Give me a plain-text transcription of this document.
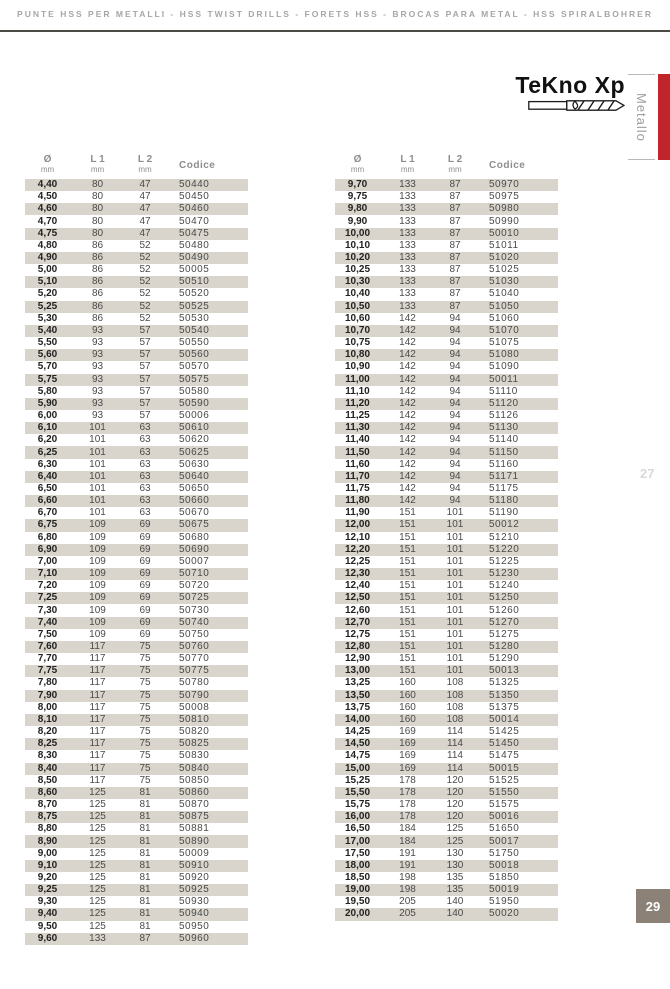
PUNTE HSS PER METALLI - HSS TWIST DRILLS - FORETS HSS - BROCAS PARA METAL - HSS SPIRALBOHRER
TeKno Xp
Metallo
27
29
Ø
mm
L 1
mm
L 2
mm	Codice
4,40	80	47	50440
4,50	80	47	50450
4,60	80	47	50460
4,70	80	47	50470
4,75	80	47	50475
4,80	86	52	50480
4,90	86	52	50490
5,00	86	52	50005
5,10	86	52	50510
5,20	86	52	50520
5,25	86	52	50525
5,30	86	52	50530
5,40	93	57	50540
5,50	93	57	50550
5,60	93	57	50560
5,70	93	57	50570
5,75	93	57	50575
5,80	93	57	50580
5,90	93	57	50590
6,00	93	57	50006
6,10	101	63	50610
6,20	101	63	50620
6,25	101	63	50625
6,30	101	63	50630
6,40	101	63	50640
6,50	101	63	50650
6,60	101	63	50660
6,70	101	63	50670
6,75	109	69	50675
6,80	109	69	50680
6,90	109	69	50690
7,00	109	69	50007
7,10	109	69	50710
7,20	109	69	50720
7,25	109	69	50725
7,30	109	69	50730
7,40	109	69	50740
7,50	109	69	50750
7,60	117	75	50760
7,70	117	75	50770
7,75	117	75	50775
7,80	117	75	50780
7,90	117	75	50790
8,00	117	75	50008
8,10	117	75	50810
8,20	117	75	50820
8,25	117	75	50825
8,30	117	75	50830
8,40	117	75	50840
8,50	117	75	50850
8,60	125	81	50860
8,70	125	81	50870
8,75	125	81	50875
8,80	125	81	50881
8,90	125	81	50890
9,00	125	81	50009
9,10	125	81	50910
9,20	125	81	50920
9,25	125	81	50925
9,30	125	81	50930
9,40	125	81	50940
9,50	125	81	50950
9,60	133	87	50960
Ø
mm
L 1
mm
L 2
mm	Codice
9,70	133	87	50970
9,75	133	87	50975
9,80	133	87	50980
9,90	133	87	50990
10,00	133	87	50010
10,10	133	87	51011
10,20	133	87	51020
10,25	133	87	51025
10,30	133	87	51030
10,40	133	87	51040
10,50	133	87	51050
10,60	142	94	51060
10,70	142	94	51070
10,75	142	94	51075
10,80	142	94	51080
10,90	142	94	51090
11,00	142	94	50011
11,10	142	94	51110
11,20	142	94	51120
11,25	142	94	51126
11,30	142	94	51130
11,40	142	94	51140
11,50	142	94	51150
11,60	142	94	51160
11,70	142	94	51171
11,75	142	94	51175
11,80	142	94	51180
11,90	151	101	51190
12,00	151	101	50012
12,10	151	101	51210
12,20	151	101	51220
12,25	151	101	51225
12,30	151	101	51230
12,40	151	101	51240
12,50	151	101	51250
12,60	151	101	51260
12,70	151	101	51270
12,75	151	101	51275
12,80	151	101	51280
12,90	151	101	51290
13,00	151	101	50013
13,25	160	108	51325
13,50	160	108	51350
13,75	160	108	51375
14,00	160	108	50014
14,25	169	114	51425
14,50	169	114	51450
14,75	169	114	51475
15,00	169	114	50015
15,25	178	120	51525
15,50	178	120	51550
15,75	178	120	51575
16,00	178	120	50016
16,50	184	125	51650
17,00	184	125	50017
17,50	191	130	51750
18,00	191	130	50018
18,50	198	135	51850
19,00	198	135	50019
19,50	205	140	51950
20,00	205	140	50020
